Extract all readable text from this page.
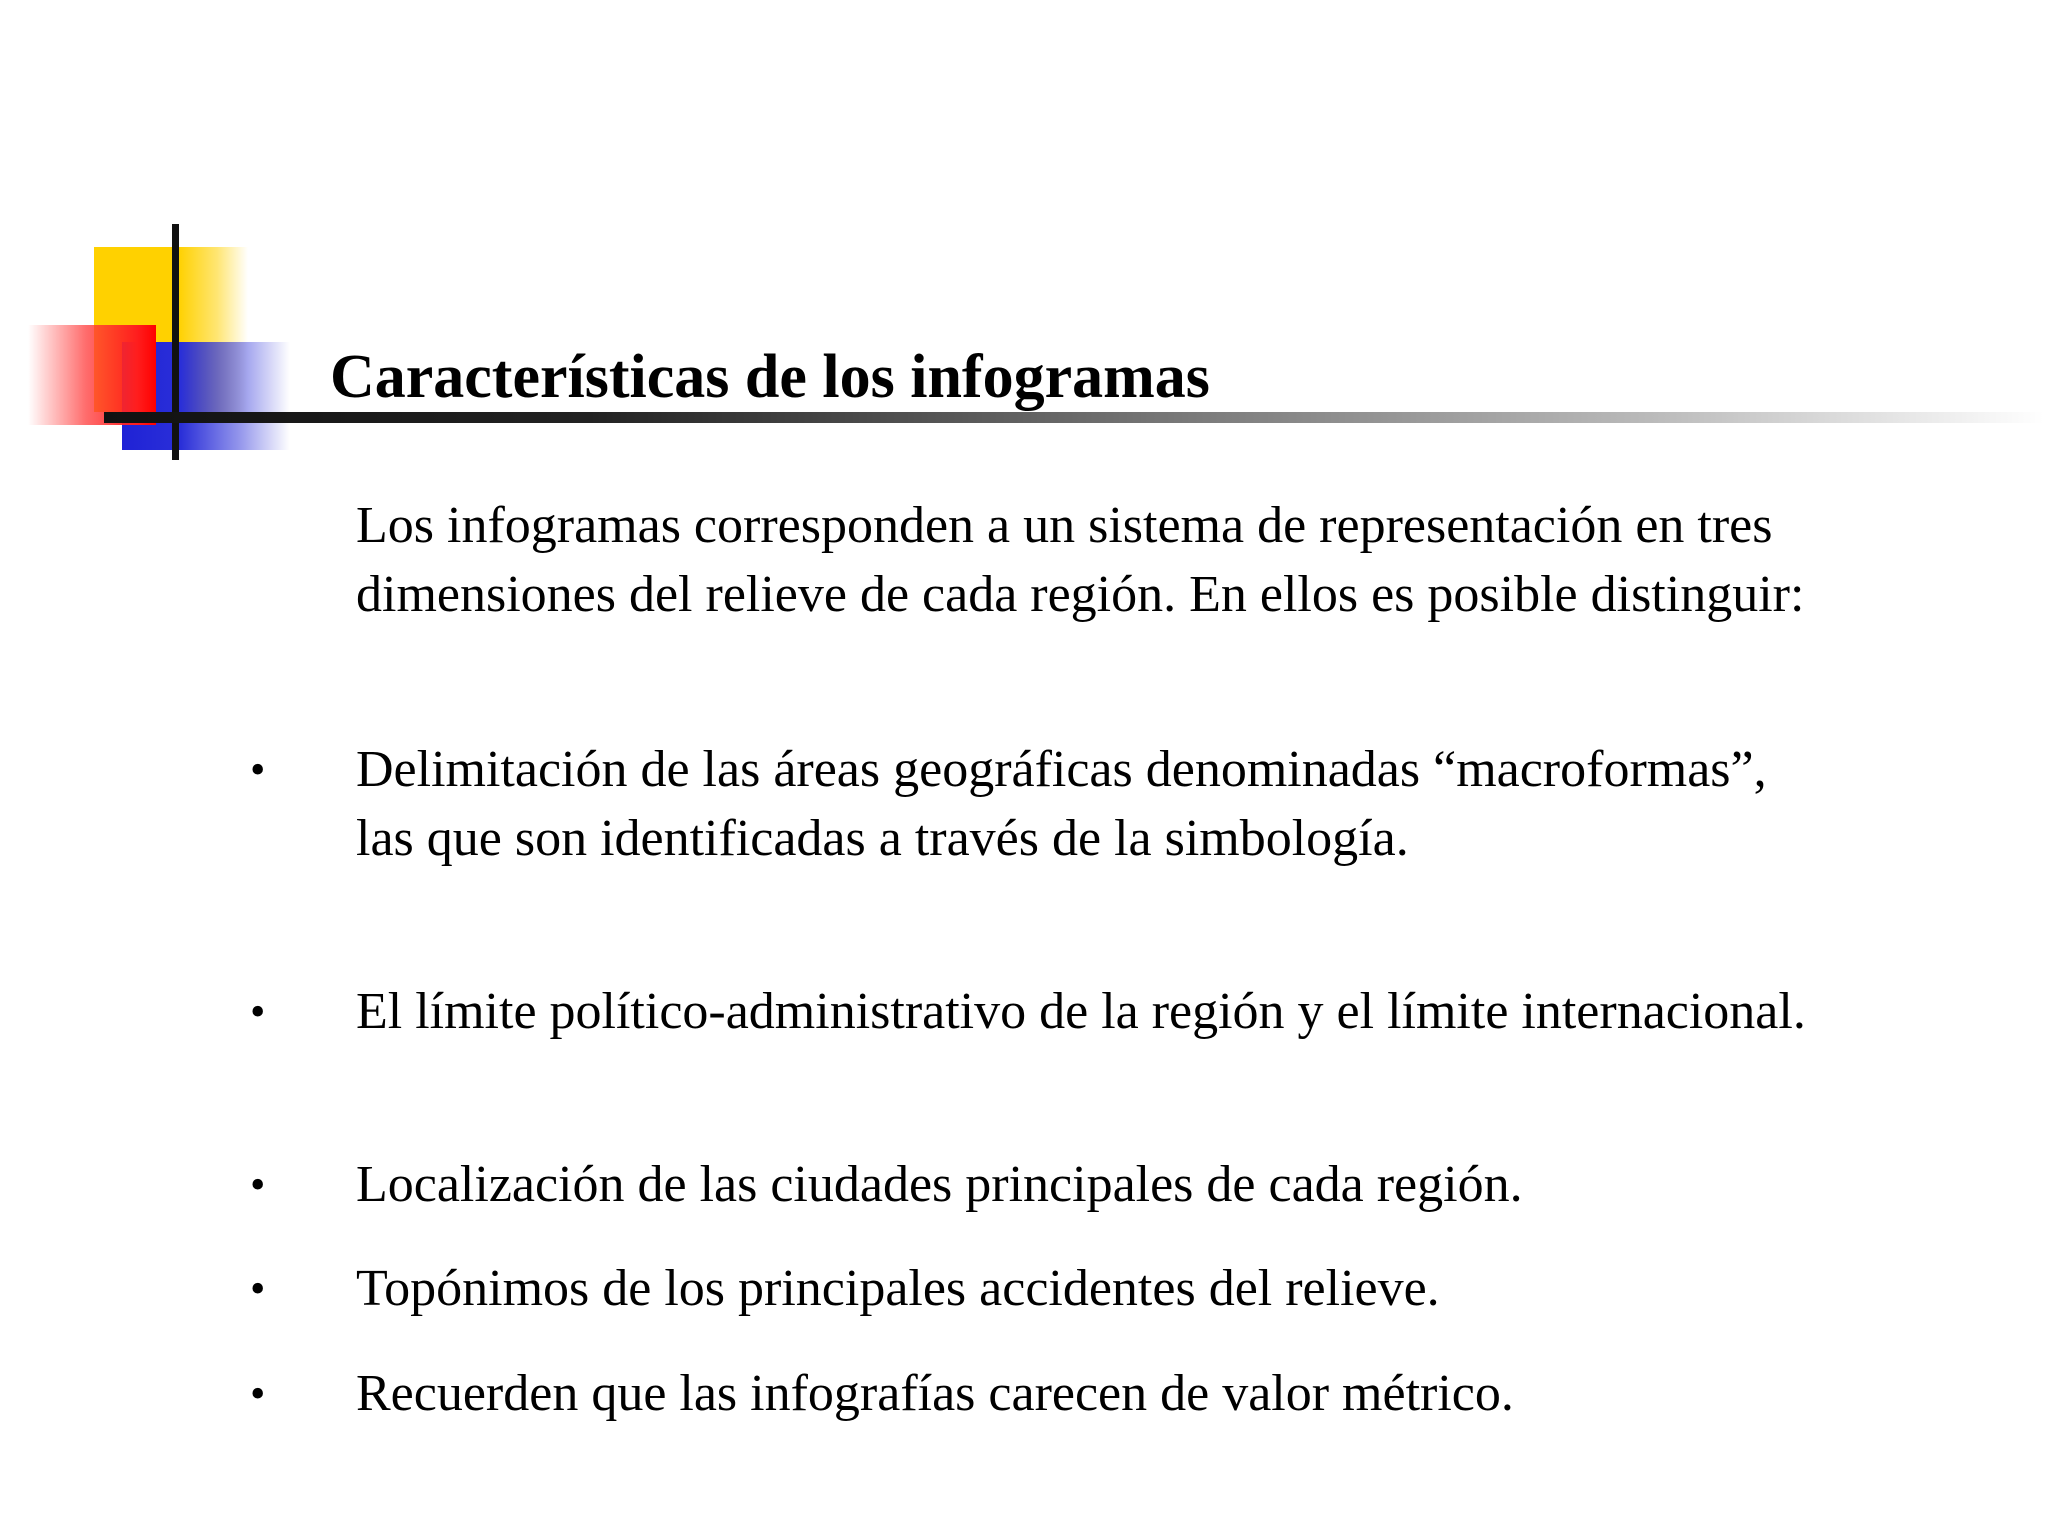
Características de los infogramas

Los infogramas corresponden a un sistema de representación en tres dimensiones del relieve de cada región. En ellos es posible distinguir:

• Delimitación de las áreas geográficas denominadas “macroformas”, las que son identificadas a través de la simbología.
• El límite político-administrativo de la región y el límite internacional.
• Localización de las ciudades principales de cada región.
• Topónimos de los principales accidentes del relieve.
• Recuerden que las infografías carecen de valor métrico.
